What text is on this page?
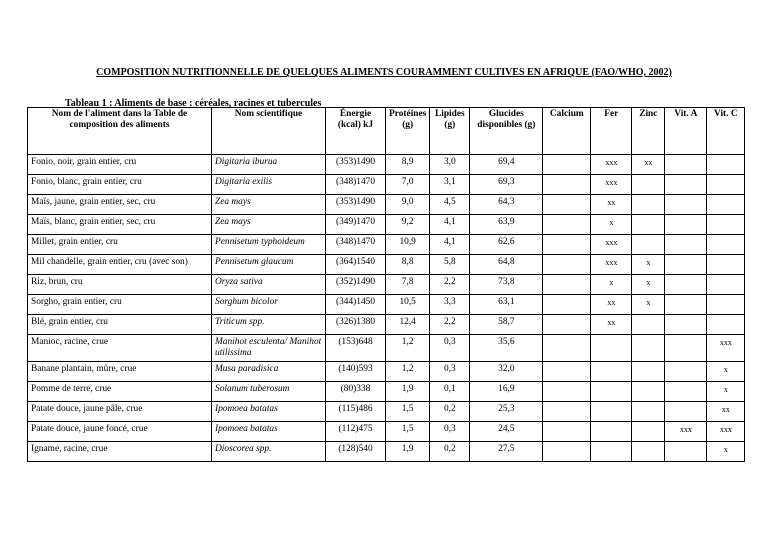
COMPOSITION NUTRITIONNELLE DE QUELQUES ALIMENTS COURAMMENT CULTIVES EN AFRIQUE (FAO/WHO, 2002)
Tableau 1 : Aliments de base : céréales, racines et tubercules
Nom de l'aliment dans la Table de composition des aliments	Nom scientifique	Énergie (kcal) kJ	Protéines (g)	Lipides (g)	Glucides disponibles (g)	Calcium	Fer	Zinc	Vit. A	Vit. C
Fonio, noir, grain entier, cru	Digitaria iburua	(353)1490	8,9	3,0	69,4		xxx	xx		
Fonio, blanc, grain entier, cru	Digitaria exilis	(348)1470	7,0	3,1	69,3		xxx			
Maïs, jaune, grain entier, sec, cru	Zea mays	(353)1490	9,0	4,5	64,3		xx			
Maïs, blanc, grain entier, sec, cru	Zea mays	(349)1470	9,2	4,1	63,9		x			
Millet, grain entier, cru	Pennisetum typhoideum	(348)1470	10,9	4,1	62,6		xxx			
Mil chandelle, grain entier, cru (avec son)	Pennisetum glaucum	(364)1540	8,8	5,8	64,8		xxx	x		
Riz, brun, cru	Oryza sativa	(352)1490	7,8	2,2	73,8		x	x		
Sorgho, grain entier, cru	Sorghum bicolor	(344)1450	10,5	3,3	63,1		xx	x		
Blé, grain entier, cru	Triticum spp.	(326)1380	12,4	2,2	58,7		xx			
Manioc, racine, crue	Manihot esculenta/ Manihot utilissima	(153)648	1,2	0,3	35,6					xxx
Banane plantain, mûre, crue	Musa paradisica	(140)593	1,2	0,3	32,0					x
Pomme de terre, crue	Solanum tuberosum	(80)338	1,9	0,1	16,9					x
Patate douce, jaune pâle, crue	Ipomoea batatas	(115)486	1,5	0,2	25,3					xx
Patate douce, jaune foncé, crue	Ipomoea batatas	(112)475	1,5	0,3	24,5				xxx	xxx
Igname, racine, crue	Dioscorea spp.	(128)540	1,9	0,2	27,5					x
